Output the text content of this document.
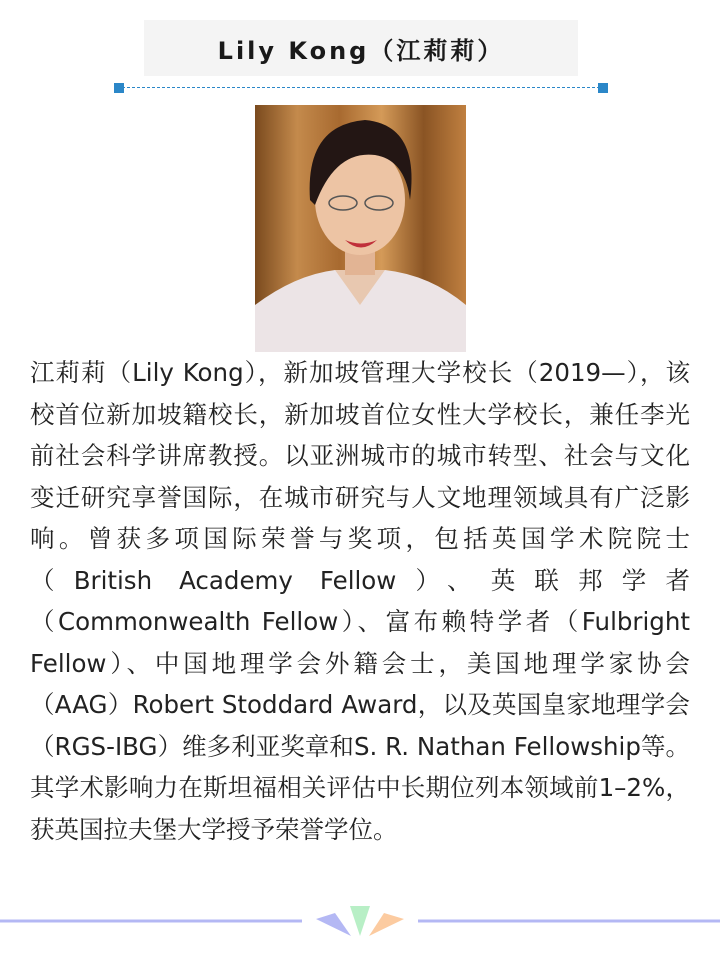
Lily Kong（江莉莉）

江莉莉（Lily Kong），新加坡管理大学校长（2019—），该校首位新加坡籍校长，新加坡首位女性大学校长，兼任李光前社会科学讲席教授。以亚洲城市的城市转型、社会与文化变迁研究享誉国际，在城市研究与人文地理领域具有广泛影响。曾获多项国际荣誉与奖项，包括英国学术院院士（British Academy Fellow）、英联邦学者（Commonwealth Fellow）、富布赖特学者（Fulbright Fellow）、中国地理学会外籍会士，美国地理学家协会（AAG）Robert Stoddard Award，以及英国皇家地理学会（RGS-IBG）维多利亚奖章和S. R. Nathan Fellowship等。其学术影响力在斯坦福相关评估中长期位列本领域前1–2%，获英国拉夫堡大学授予荣誉学位。
